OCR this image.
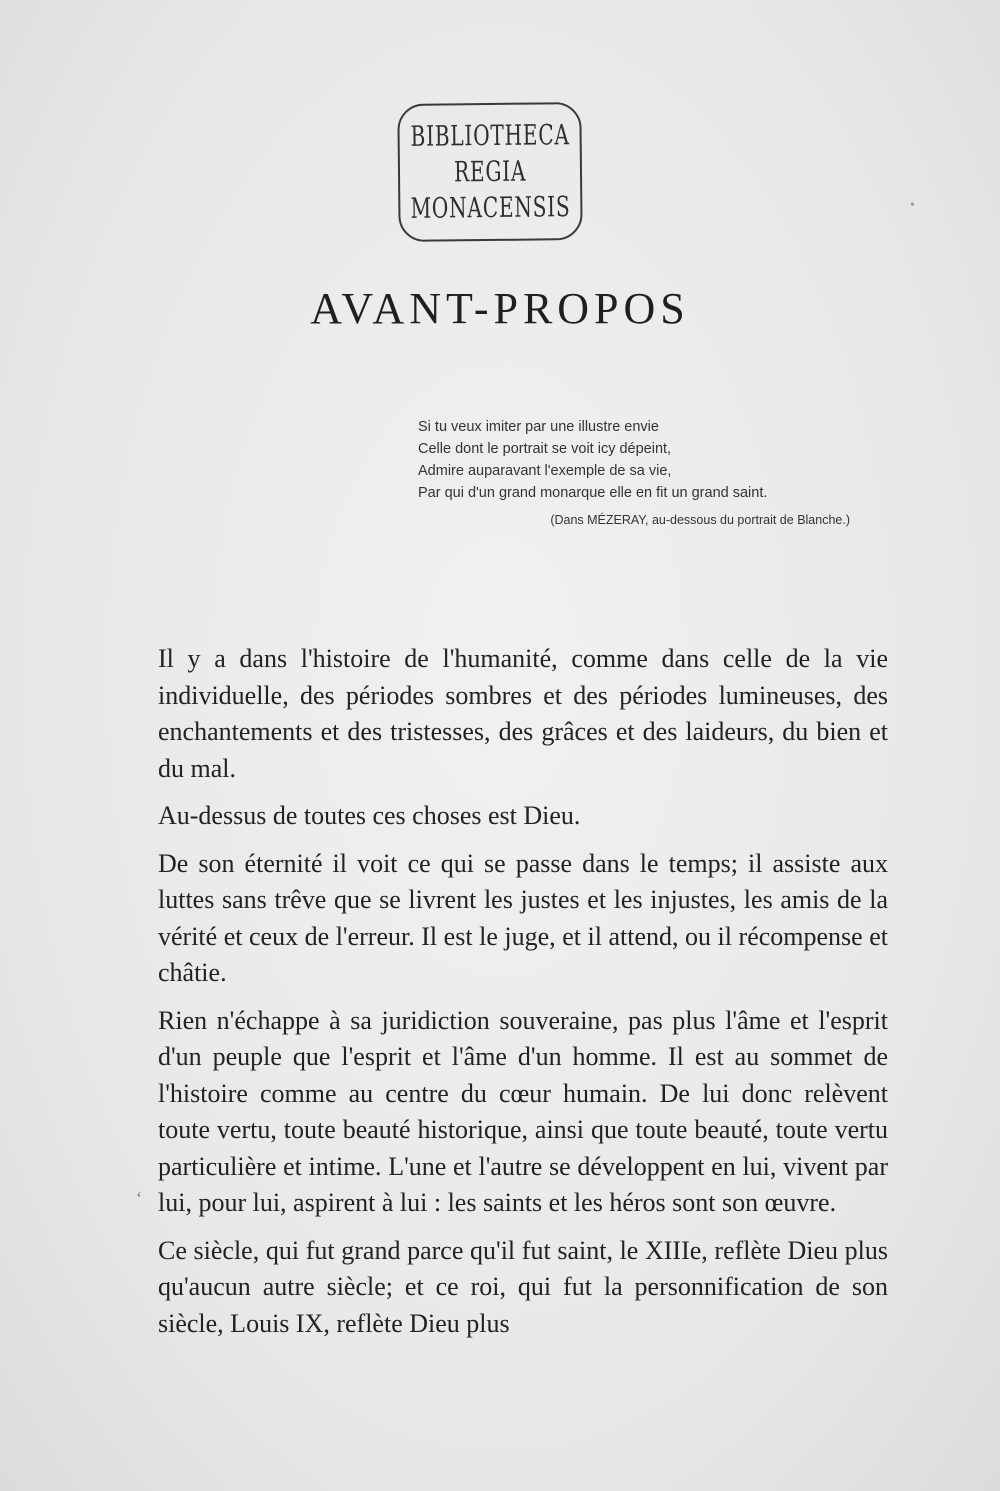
•
BIBLIOTHECA
REGIA
MONACENSIS
AVANT-PROPOS
Si tu veux imiter par une illustre envie
Celle dont le portrait se voit icy dépeint,
Admire auparavant l'exemple de sa vie,
Par qui d'un grand monarque elle en fit un grand saint.
(Dans MÉZERAY, au-dessous du portrait de Blanche.)

Il y a dans l'histoire de l'humanité, comme dans celle de la vie individuelle, des périodes sombres et des périodes lumineuses, des enchantements et des tristesses, des grâces et des laideurs, du bien et du mal.

Au-dessus de toutes ces choses est Dieu.

De son éternité il voit ce qui se passe dans le temps; il assiste aux luttes sans trêve que se livrent les justes et les injustes, les amis de la vérité et ceux de l'erreur. Il est le juge, et il attend, ou il récompense et châtie.

Rien n'échappe à sa juridiction souveraine, pas plus l'âme et l'esprit d'un peuple que l'esprit et l'âme d'un homme. Il est au sommet de l'histoire comme au centre du cœur humain. De lui donc relèvent toute vertu, toute beauté historique, ainsi que toute beauté, toute vertu particulière et intime. L'une et l'autre se développent en lui, vivent par lui, pour lui, aspirent à lui : les saints et les héros sont son œuvre.

Ce siècle, qui fut grand parce qu'il fut saint, le XIIIe, reflète Dieu plus qu'aucun autre siècle; et ce roi, qui fut la personnification de son siècle, Louis IX, reflète Dieu plus

ʻ
